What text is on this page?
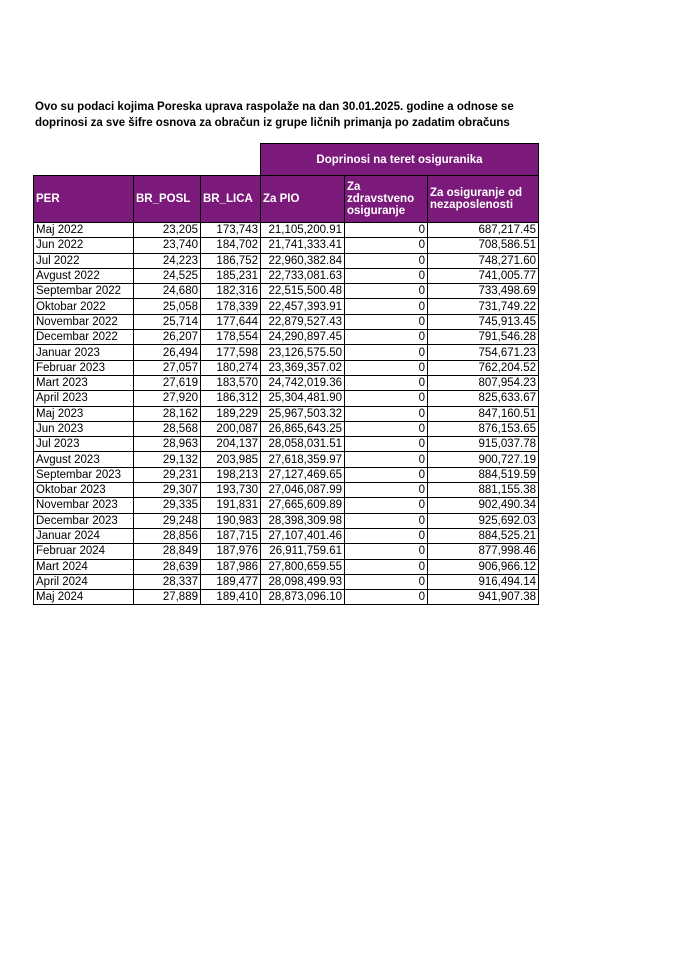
Ovo su podaci kojima Poreska uprava raspolaže na dan 30.01.2025. godine a odnose se
doprinosi za sve šifre osnova za obračun iz grupe ličnih primanja po zadatim obračuns
			Doprinosi na teret osiguranika		
PER	BR_POSL	BR_LICA	Za PIO	Za zdravstveno osiguranje	Za osiguranje od nezaposlenosti
Maj 2022	23,205	173,743	21,105,200.91	0	687,217.45
Jun 2022	23,740	184,702	21,741,333.41	0	708,586.51
Jul 2022	24,223	186,752	22,960,382.84	0	748,271.60
Avgust 2022	24,525	185,231	22,733,081.63	0	741,005.77
Septembar 2022	24,680	182,316	22,515,500.48	0	733,498.69
Oktobar 2022	25,058	178,339	22,457,393.91	0	731,749.22
Novembar 2022	25,714	177,644	22,879,527.43	0	745,913.45
Decembar 2022	26,207	178,554	24,290,897.45	0	791,546.28
Januar 2023	26,494	177,598	23,126,575.50	0	754,671.23
Februar 2023	27,057	180,274	23,369,357.02	0	762,204.52
Mart 2023	27,619	183,570	24,742,019.36	0	807,954.23
April 2023	27,920	186,312	25,304,481.90	0	825,633.67
Maj 2023	28,162	189,229	25,967,503.32	0	847,160.51
Jun 2023	28,568	200,087	26,865,643.25	0	876,153.65
Jul 2023	28,963	204,137	28,058,031.51	0	915,037.78
Avgust 2023	29,132	203,985	27,618,359.97	0	900,727.19
Septembar 2023	29,231	198,213	27,127,469.65	0	884,519.59
Oktobar 2023	29,307	193,730	27,046,087.99	0	881,155.38
Novembar 2023	29,335	191,831	27,665,609.89	0	902,490.34
Decembar 2023	29,248	190,983	28,398,309.98	0	925,692.03
Januar 2024	28,856	187,715	27,107,401.46	0	884,525.21
Februar 2024	28,849	187,976	26,911,759.61	0	877,998.46
Mart 2024	28,639	187,986	27,800,659.55	0	906,966.12
April 2024	28,337	189,477	28,098,499.93	0	916,494.14
Maj 2024	27,889	189,410	28,873,096.10	0	941,907.38
